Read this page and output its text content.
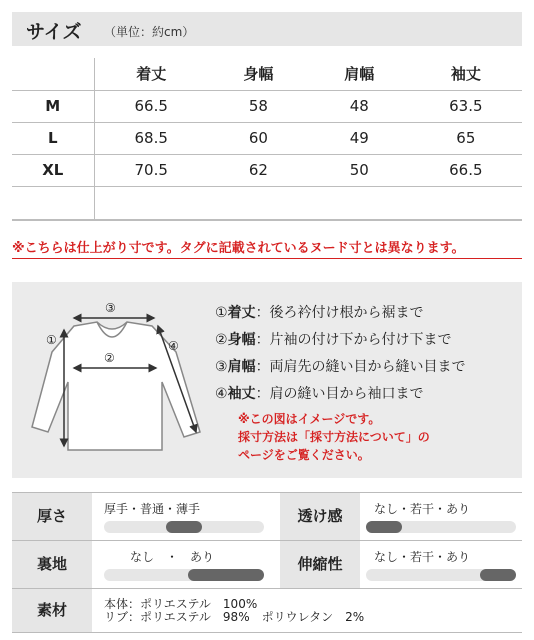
サイズ （単位：約cm）
	着丈	身幅	肩幅	袖丈
M	66.5	58	48	63.5
L	68.5	60	49	65
XL	70.5	62	50	66.5

※こちらは仕上がり寸です。タグに記載されているヌード寸とは異なります。
①
②
③
④
①着丈：後ろ衿付け根から裾まで
②身幅：片袖の付け下から付け下まで
③肩幅：両肩先の縫い目から縫い目まで
④袖丈：肩の縫い目から袖口まで
※この図はイメージです。
採寸方法は「採寸方法について」の
ページをご覧ください。
厚さ	厚手・普通・薄手	透け感	なし・若干・あり
裏地	なし　・　あり	伸縮性	なし・若干・あり
素材	本体：ポリエステル　100%
リブ：ポリエステル　98%　ポリウレタン　2%
